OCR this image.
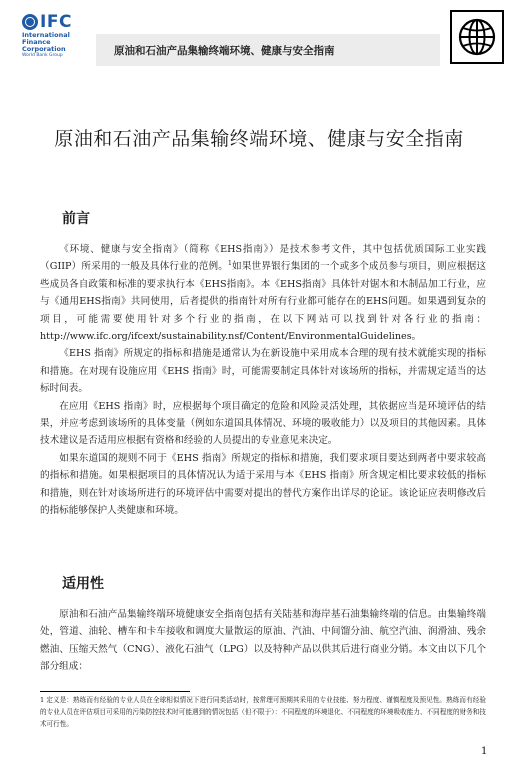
IFC
International
Finance
Corporation
World Bank Group	原油和石油产品集输终端环境、健康与安全指南
原油和石油产品集输终端环境、健康与安全指南
前言

《环境、健康与安全指南》（简称《EHS指南》）是技术参考文件，其中包括优质国际工业实践（GIIP）所采用的一般及具体行业的范例。$^1$如果世界银行集团的一个或多个成员参与项目，则应根据这些成员各自政策和标准的要求执行本《EHS指南》。本《EHS指南》具体针对锯木和木制品加工行业，应与《通用EHS指南》共同使用，后者提供的指南针对所有行业都可能存在的EHS问题。如果遇到复杂的项目，可能需要使用针对多个行业的指南，在以下网站可以找到针对各行业的指南：http://www.ifc.org/ifcext/sustainability.nsf/Content/EnvironmentalGuidelines。

《EHS 指南》所规定的指标和措施是通常认为在新设施中采用成本合理的现有技术就能实现的指标和措施。在对现有设施应用《EHS 指南》时，可能需要制定具体针对该场所的指标，并需规定适当的达标时间表。

在应用《EHS 指南》时，应根据每个项目确定的危险和风险灵活处理，其依据应当是环境评估的结果，并应考虑到该场所的具体变量（例如东道国具体情况、环境的吸收能力）以及项目的其他因素。具体技术建议是否适用应根据有资格和经验的人员提出的专业意见来决定。

如果东道国的规则不同于《EHS 指南》所规定的指标和措施，我们要求项目要达到两者中要求较高的指标和措施。如果根据项目的具体情况认为适于采用与本《EHS 指南》所含规定相比要求较低的指标和措施，则在针对该场所进行的环境评估中需要对提出的替代方案作出详尽的论证。该论证应表明修改后的指标能够保护人类健康和环境。

适用性

原油和石油产品集输终端环境健康安全指南包括有关陆基和海岸基石油集输终端的信息。由集输终端处，管道、油轮、槽车和卡车接收和调度大量散运的原油、汽油、中间馏分油、航空汽油、润滑油、残余燃油、压缩天然气（CNG）、液化石油气（LPG）以及特种产品以供其后进行商业分销。本文由以下几个部分组成：

1 定义是：熟练而有经验的专业人员在全球相似情况下进行同类活动时，按常理可预期其采用的专业技能、努力程度、谨慎程度及预见性。熟练而有经验的专业人员在评估项目可采用的污染防控技术时可能遇到的情况包括（但不限于）：不同程度的环境退化、不同程度的环境吸收能力、不同程度的财务和技术可行性。
1
